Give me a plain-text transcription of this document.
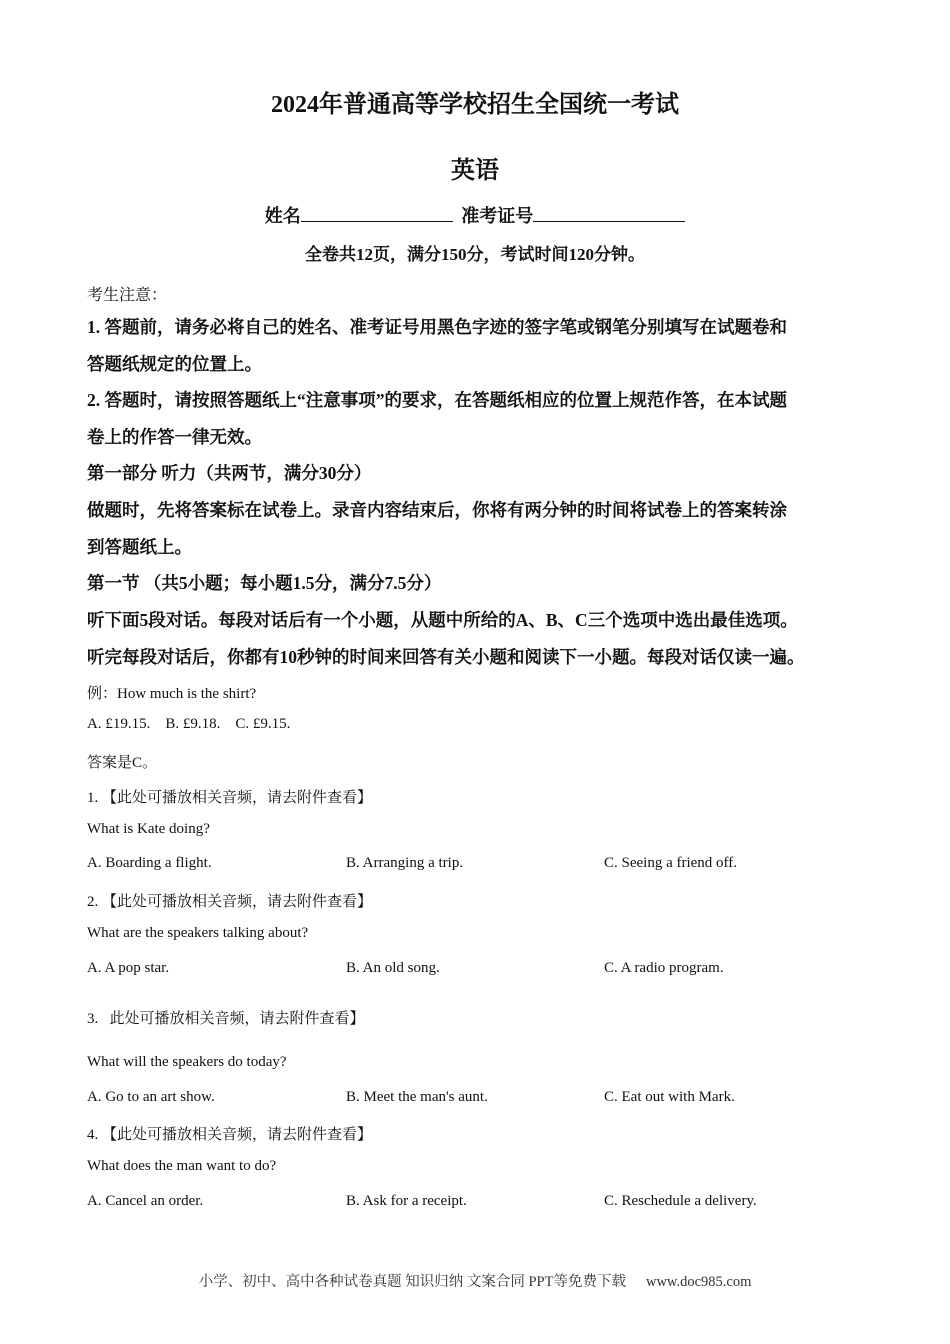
2024年普通高等学校招生全国统一考试
英语
姓名	准考证号
全卷共12页，满分150分，考试时间120分钟。
考生注意：
1. 答题前，请务必将自己的姓名、准考证号用黑色字迹的签字笔或钢笔分别填写在试题卷和
答题纸规定的位置上。
2. 答题时，请按照答题纸上“注意事项”的要求，在答题纸相应的位置上规范作答，在本试题
卷上的作答一律无效。
第一部分 听力（共两节，满分30分）
做题时，先将答案标在试卷上。录音内容结束后，你将有两分钟的时间将试卷上的答案转涂
到答题纸上。
第一节 （共5小题；每小题1.5分，满分7.5分）
听下面5段对话。每段对话后有一个小题，从题中所给的A、B、C三个选项中选出最佳选项。
听完每段对话后，你都有10秒钟的时间来回答有关小题和阅读下一小题。每段对话仅读一遍。
例：How much is the shirt?
A. £19.15.    B. £9.18.    C. £9.15.
答案是C。
1. 【此处可播放相关音频，请去附件查看】
What is Kate doing?
A. Boarding a flight.	B. Arranging a trip.	C. Seeing a friend off.
2. 【此处可播放相关音频，请去附件查看】
What are the speakers talking about?
A. A pop star.	B. An old song.	C. A radio program.
3.   此处可播放相关音频，请去附件查看】
What will the speakers do today?
A. Go to an art show.	B. Meet the man's aunt.	C. Eat out with Mark.
4. 【此处可播放相关音频，请去附件查看】
What does the man want to do?
A. Cancel an order.	B. Ask for a receipt.	C. Reschedule a delivery.
小学、初中、高中各种试卷真题 知识归纳 文案合同 PPT等免费下载 www.doc985.com
